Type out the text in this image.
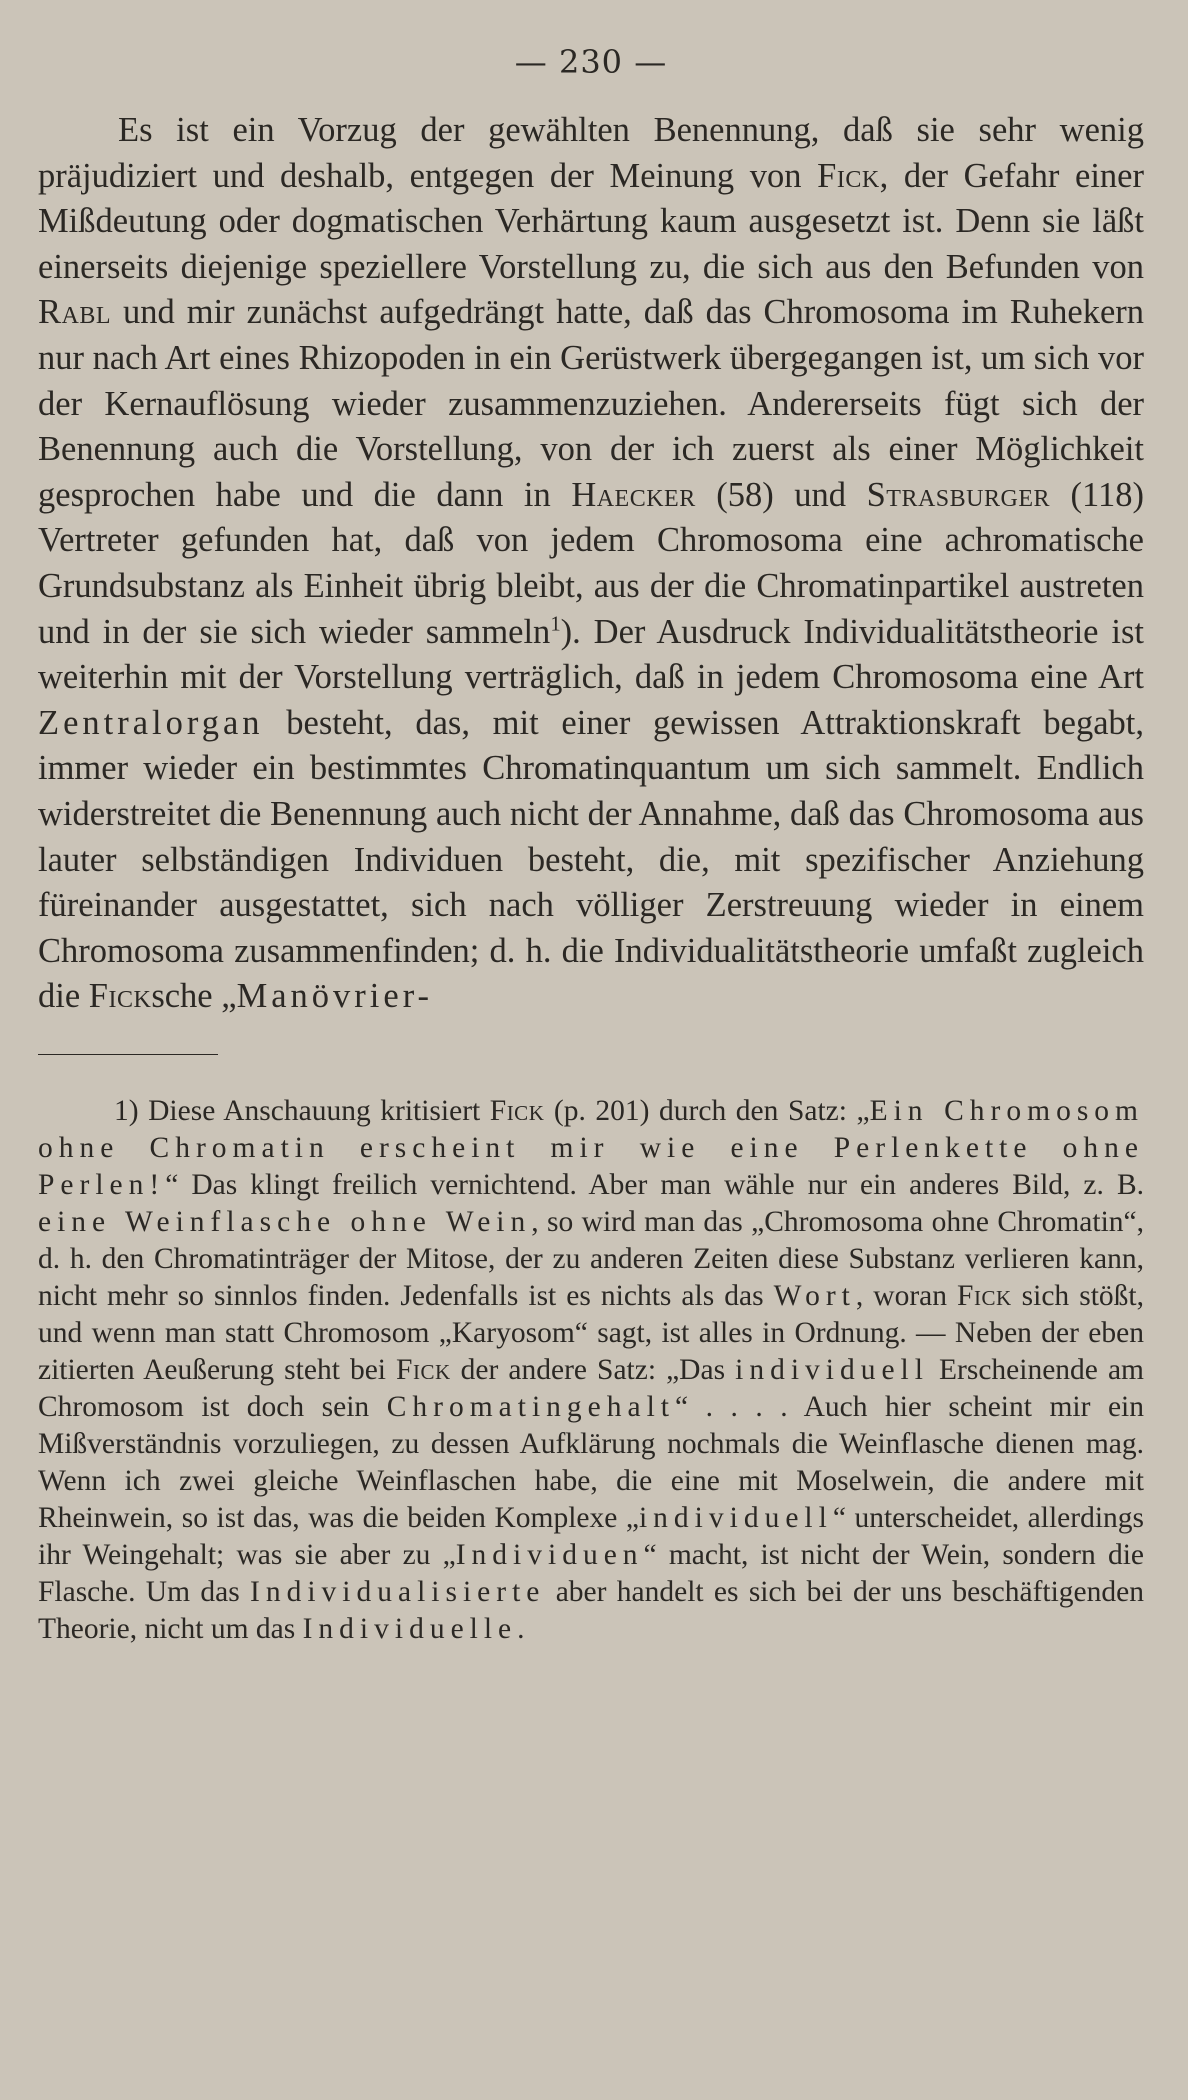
— 230 —

Es ist ein Vorzug der gewählten Benennung, daß sie sehr wenig präjudiziert und deshalb, entgegen der Meinung von Fick, der Gefahr einer Mißdeutung oder dogmatischen Verhärtung kaum ausgesetzt ist. Denn sie läßt einerseits diejenige speziellere Vorstellung zu, die sich aus den Befunden von Rabl und mir zunächst aufgedrängt hatte, daß das Chromosoma im Ruhekern nur nach Art eines Rhizopoden in ein Gerüstwerk übergegangen ist, um sich vor der Kernauflösung wieder zusammenzuziehen. Andererseits fügt sich der Benennung auch die Vorstellung, von der ich zuerst als einer Möglichkeit gesprochen habe und die dann in Haecker (58) und Strasburger (118) Vertreter gefunden hat, daß von jedem Chromosoma eine achromatische Grundsubstanz als Einheit übrig bleibt, aus der die Chromatinpartikel austreten und in der sie sich wieder sammeln$^1$). Der Ausdruck Individualitätstheorie ist weiterhin mit der Vorstellung verträglich, daß in jedem Chromosoma eine Art Zentralorgan besteht, das, mit einer gewissen Attraktionskraft begabt, immer wieder ein bestimmtes Chromatinquantum um sich sammelt. Endlich widerstreitet die Benennung auch nicht der Annahme, daß das Chromosoma aus lauter selbständigen Individuen besteht, die, mit spezifischer Anziehung füreinander ausgestattet, sich nach völliger Zerstreuung wieder in einem Chromosoma zusammenfinden; d. h. die Individualitätstheorie umfaßt zugleich die Ficksche „Manövrier-

1) Diese Anschauung kritisiert Fick (p. 201) durch den Satz: „Ein Chromosom ohne Chromatin erscheint mir wie eine Perlenkette ohne Perlen!“ Das klingt freilich vernichtend. Aber man wähle nur ein anderes Bild, z. B. eine Weinflasche ohne Wein, so wird man das „Chromosoma ohne Chromatin“, d. h. den Chromatinträger der Mitose, der zu anderen Zeiten diese Substanz verlieren kann, nicht mehr so sinnlos finden. Jedenfalls ist es nichts als das Wort, woran Fick sich stößt, und wenn man statt Chromosom „Karyosom“ sagt, ist alles in Ordnung. — Neben der eben zitierten Aeußerung steht bei Fick der andere Satz: „Das individuell Erscheinende am Chromosom ist doch sein Chromatingehalt“ . . . . Auch hier scheint mir ein Mißverständnis vorzuliegen, zu dessen Aufklärung nochmals die Weinflasche dienen mag. Wenn ich zwei gleiche Weinflaschen habe, die eine mit Moselwein, die andere mit Rheinwein, so ist das, was die beiden Komplexe „individuell“ unterscheidet, allerdings ihr Weingehalt; was sie aber zu „Individuen“ macht, ist nicht der Wein, sondern die Flasche. Um das Individualisierte aber handelt es sich bei der uns beschäftigenden Theorie, nicht um das Individuelle.
